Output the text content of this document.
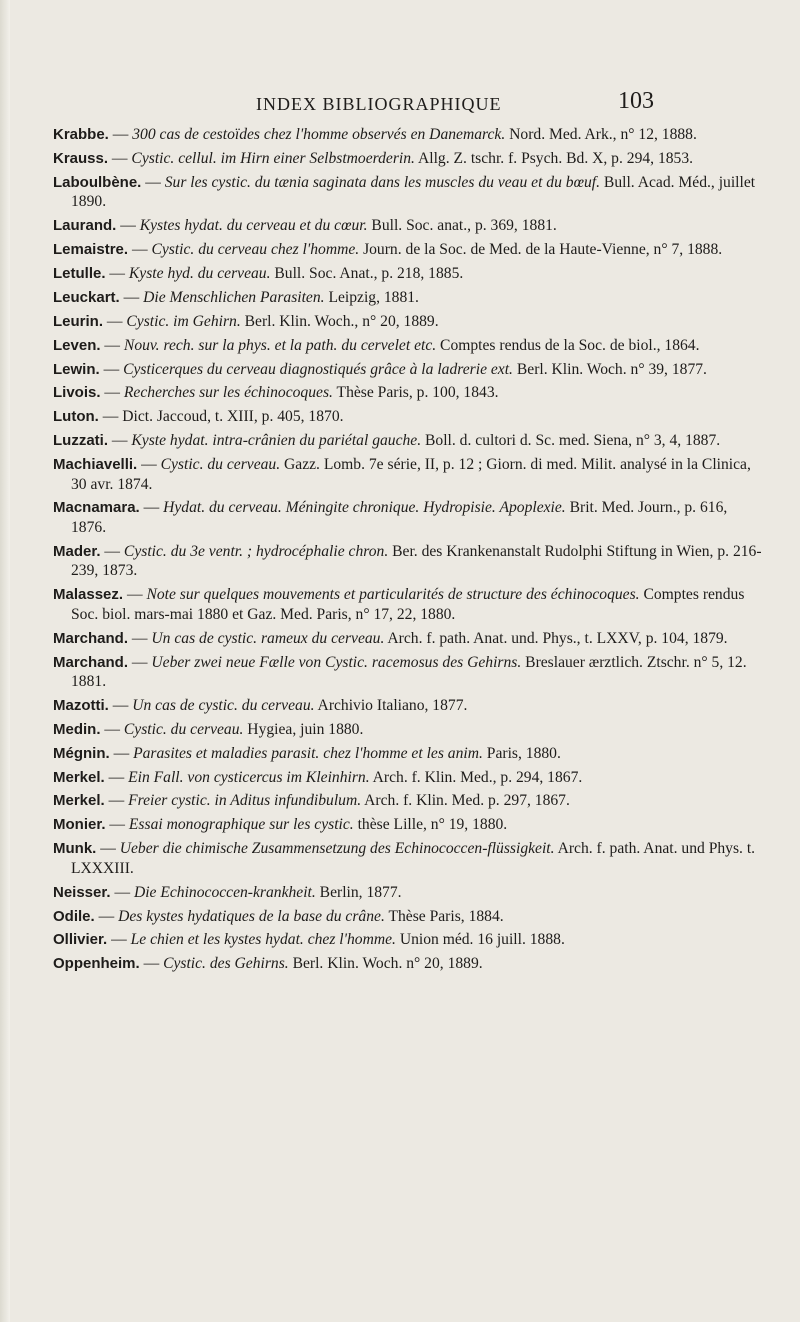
INDEX BIBLIOGRAPHIQUE	103

Krabbe. — 300 cas de cestoïdes chez l'homme observés en Danemarck. Nord. Med. Ark., n° 12, 1888.

Krauss. — Cystic. cellul. im Hirn einer Selbstmoerderin. Allg. Z. tschr. f. Psych. Bd. X, p. 294, 1853.

Laboulbène. — Sur les cystic. du tænia saginata dans les muscles du veau et du bœuf. Bull. Acad. Méd., juillet 1890.

Laurand. — Kystes hydat. du cerveau et du cœur. Bull. Soc. anat., p. 369, 1881.

Lemaistre. — Cystic. du cerveau chez l'homme. Journ. de la Soc. de Med. de la Haute-Vienne, n° 7, 1888.

Letulle. — Kyste hyd. du cerveau. Bull. Soc. Anat., p. 218, 1885.

Leuckart. — Die Menschlichen Parasiten. Leipzig, 1881.

Leurin. — Cystic. im Gehirn. Berl. Klin. Woch., n° 20, 1889.

Leven. — Nouv. rech. sur la phys. et la path. du cervelet etc. Comptes rendus de la Soc. de biol., 1864.

Lewin. — Cysticerques du cerveau diagnostiqués grâce à la ladrerie ext. Berl. Klin. Woch. n° 39, 1877.

Livois. — Recherches sur les échinocoques. Thèse Paris, p. 100, 1843.

Luton. — Dict. Jaccoud, t. XIII, p. 405, 1870.

Luzzati. — Kyste hydat. intra-crânien du pariétal gauche. Boll. d. cultori d. Sc. med. Siena, n° 3, 4, 1887.

Machiavelli. — Cystic. du cerveau. Gazz. Lomb. 7e série, II, p. 12 ; Giorn. di med. Milit. analysé in la Clinica, 30 avr. 1874.

Macnamara. — Hydat. du cerveau. Méningite chronique. Hydropisie. Apoplexie. Brit. Med. Journ., p. 616, 1876.

Mader. — Cystic. du 3e ventr. ; hydrocéphalie chron. Ber. des Krankenanstalt Rudolphi Stiftung in Wien, p. 216-239, 1873.

Malassez. — Note sur quelques mouvements et particularités de structure des échinocoques. Comptes rendus Soc. biol. mars-mai 1880 et Gaz. Med. Paris, n° 17, 22, 1880.

Marchand. — Un cas de cystic. rameux du cerveau. Arch. f. path. Anat. und. Phys., t. LXXV, p. 104, 1879.

Marchand. — Ueber zwei neue Fælle von Cystic. racemosus des Gehirns. Breslauer ærztlich. Ztschr. n° 5, 12. 1881.

Mazotti. — Un cas de cystic. du cerveau. Archivio Italiano, 1877.

Medin. — Cystic. du cerveau. Hygiea, juin 1880.

Mégnin. — Parasites et maladies parasit. chez l'homme et les anim. Paris, 1880.

Merkel. — Ein Fall. von cysticercus im Kleinhirn. Arch. f. Klin. Med., p. 294, 1867.

Merkel. — Freier cystic. in Aditus infundibulum. Arch. f. Klin. Med. p. 297, 1867.

Monier. — Essai monographique sur les cystic. thèse Lille, n° 19, 1880.

Munk. — Ueber die chimische Zusammensetzung des Echinococcen-flüssigkeit. Arch. f. path. Anat. und Phys. t. LXXXIII.

Neisser. — Die Echinococcen-krankheit. Berlin, 1877.

Odile. — Des kystes hydatiques de la base du crâne. Thèse Paris, 1884.

Ollivier. — Le chien et les kystes hydat. chez l'homme. Union méd. 16 juill. 1888.

Oppenheim. — Cystic. des Gehirns. Berl. Klin. Woch. n° 20, 1889.
